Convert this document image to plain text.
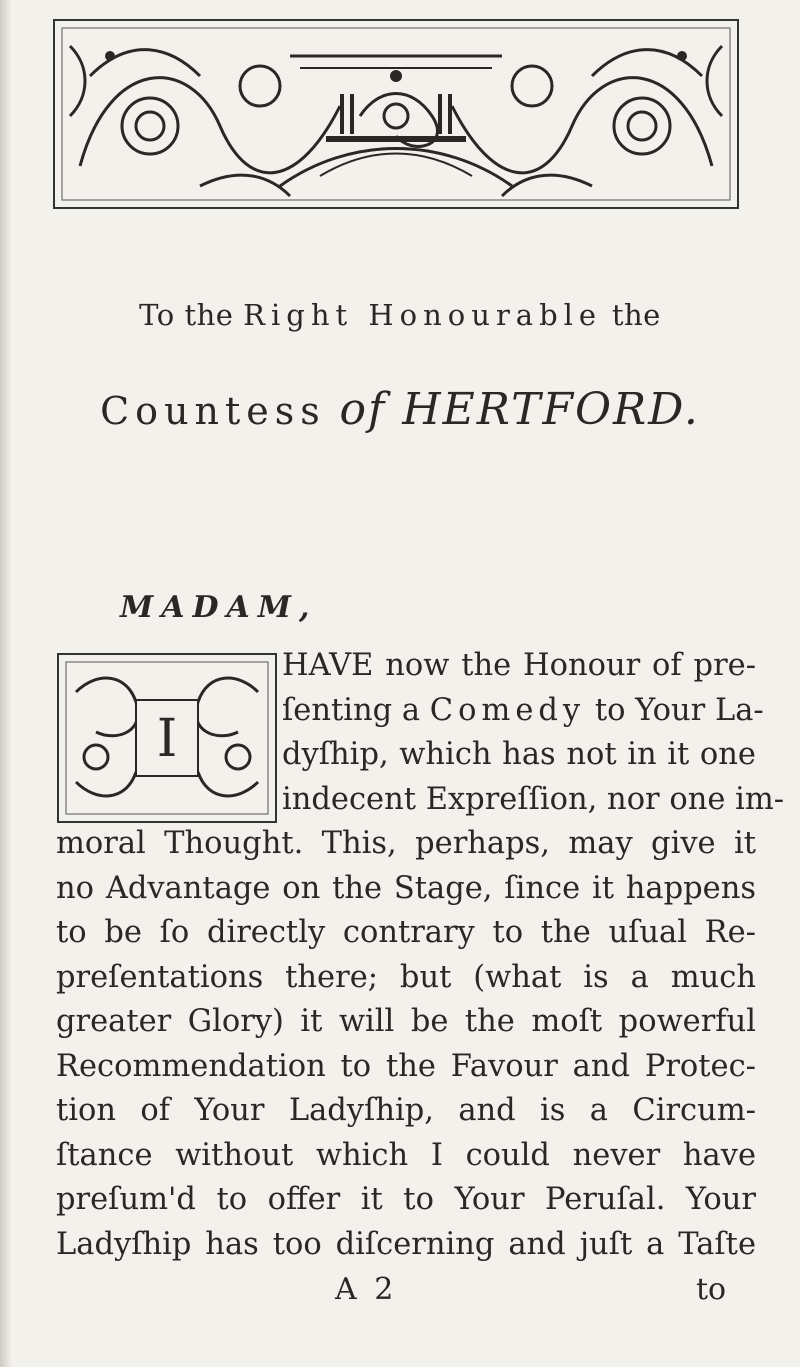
To the Right Honourable the
Countess of HERTFORD.
MADAM,
I
HAVE now the Honour of pre-
ſenting a Comedy to Your La-
dyſhip, which has not in it one
indecent Expreſſion, nor one im-
moral Thought. This, perhaps, may give it
no Advantage on the Stage, ſince it happens
to be ſo directly contrary to the uſual Re-
preſentations there; but (what is a much
greater Glory) it will be the moſt powerful
Recommendation to the Favour and Protec-
tion of Your Ladyſhip, and is a Circum-
ſtance without which I could never have
preſum'd to offer it to Your Peruſal. Your
Ladyſhip has too diſcerning and juſt a Taſte
A 2	to
